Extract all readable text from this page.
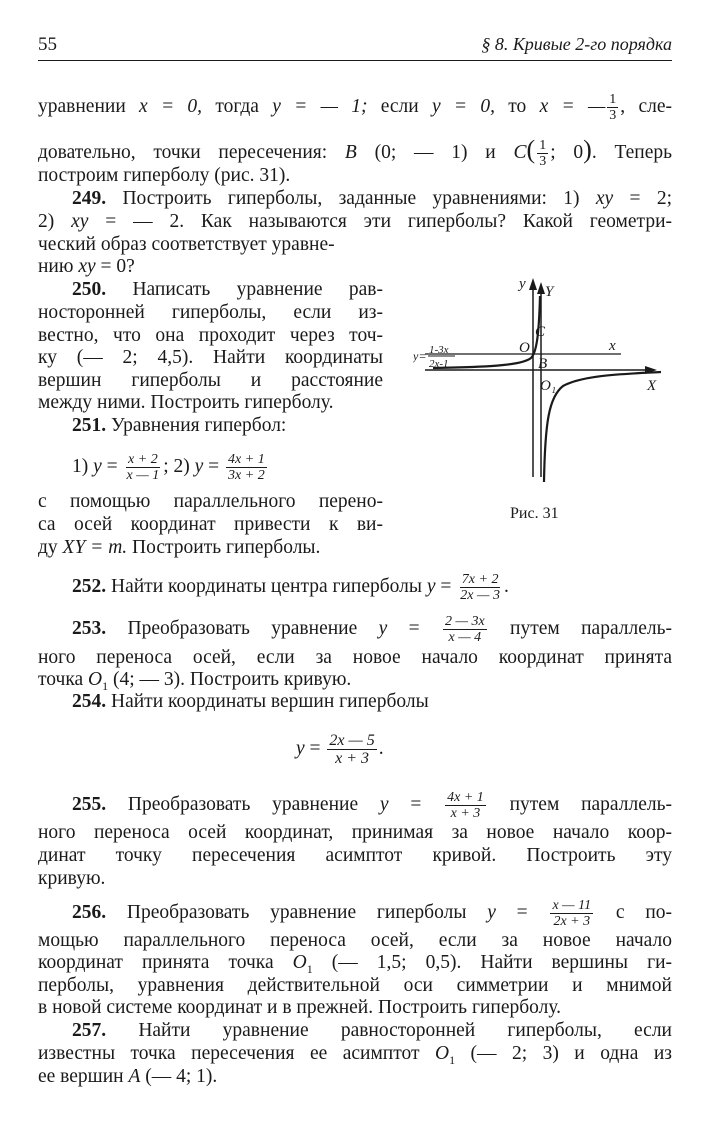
55	§ 8. Кривые 2-го порядка
уравнении x = 0, тогда y = — 1; если y = 0, то x = — $\frac{1}{3}$ , сле-
довательно, точки пересечения: B (0; — 1) и $C( \frac{1}{3}$ ; 0). Теперь
построим гиперболу (рис. 31).
249. Построить гиперболы, заданные уравнениями: 1) xy = 2;
2) xy = — 2. Как называются эти гиперболы? Какой геометри-
ческий образ соответствует уравне-
нию xy = 0?
250. Написать уравнение рав-
носторонней гиперболы, если из-
вестно, что она проходит через точ-
ку (— 2; 4,5). Найти координаты
вершин гиперболы и расстояние
между ними. Построить гиперболу.
251. Уравнения гипербол:
1) $y = \frac{x + 2}{x — 1}$ ; 2) $y = \frac{4x + 1}{3x + 2}$
с помощью параллельного перено-
са осей координат привести к ви-
ду XY = m. Построить гиперболы.
252. Найти координаты центра гиперболы $y = \frac{7x + 2}{2x — 3}$ .
253. Преобразовать уравнение $y = \frac{2 — 3x}{x — 4}$ путем параллель-
ного переноса осей, если за новое начало координат принята
точка $O_1$ (4; — 3). Построить кривую.
254. Найти координаты вершин гиперболы
$y = \frac{2x — 5}{x + 3}$ .
255. Преобразовать уравнение $y = \frac{4x + 1}{x + 3}$ путем параллель-
ного переноса осей координат, принимая за новое начало коор-
динат точку пересечения асимптот кривой. Построить эту
кривую.
256. Преобразовать уравнение гиперболы $y = \frac{x — 11}{2x + 3}$ с по-
мощью параллельного переноса осей, если за новое начало
координат принята точка $O_1$ (— 1,5; 0,5). Найти вершины ги-
перболы, уравнения действительной оси симметрии и мнимой
в новой системе координат и в прежней. Построить гиперболу.
257. Найти уравнение равносторонней гиперболы, если
известны точка пересечения ее асимптот $O_1$ (— 2; 3) и одна из
ее вершин A (— 4; 1).
y Y
x
X
C
O
B
O₁
y= 1-3x
2x-1
Рис. 31
